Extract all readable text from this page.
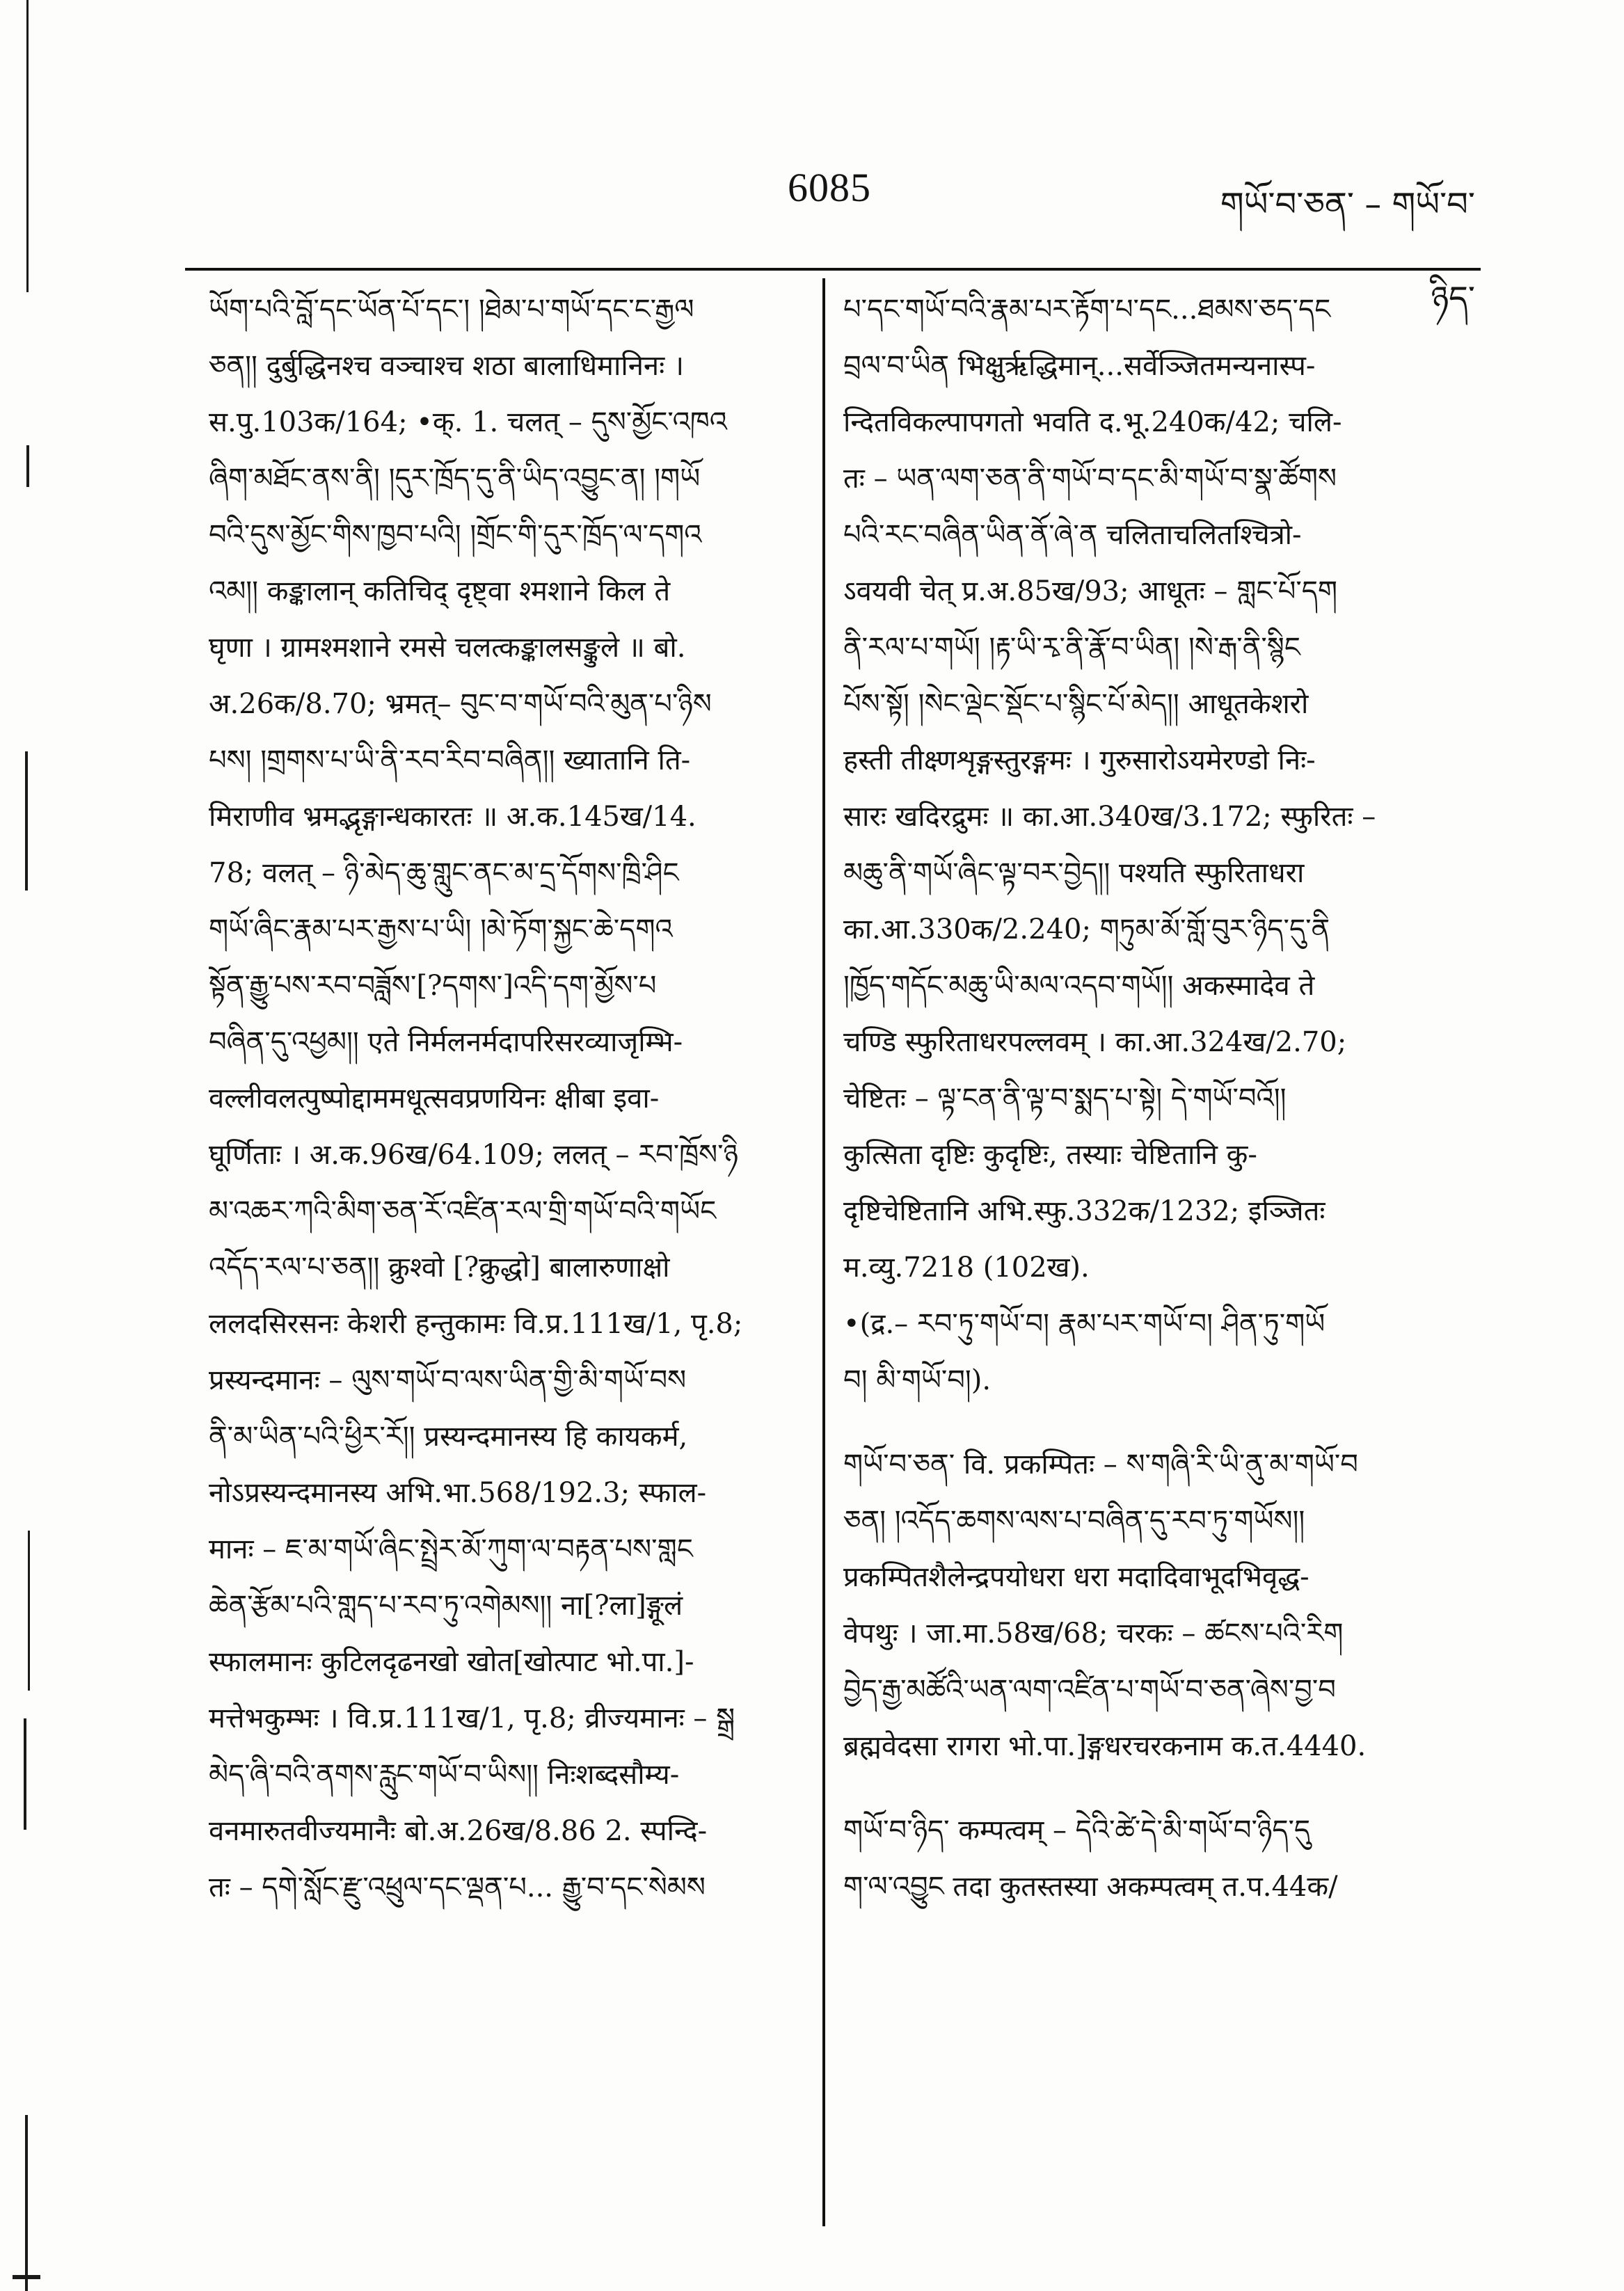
6085	གཡོ་བ་ཅན་ – གཡོ་བ་ཉིད་
ཡོག་པའི་བློ་དང་ཡོན་པོ་དང་། །ཐེམ་པ་གཡོ་དང་ང་རྒྱལ
ཅན།། दुर्बुद्धिनश्च वञ्चाश्च शठा बालाधिमानिनः ।
स.पु.103क/164; •क्. 1. चलत् – དུས་མྱོང་འཁའ
ཞིག་མཐོང་ནས་ནི། །དུར་ཁྲོད་དུ་ནི་ཡིད་འབྱུང་ན། །གཡོ
བའི་དུས་མྱོང་གིས་ཁྱབ་པའི། །གྲོང་གི་དུར་ཁྲོད་ལ་དགའ
འམ།། कङ्कालान् कतिचिद् दृष्ट्वा श्मशाने किल ते
घृणा । ग्रामश्मशाने रमसे चलत्कङ्कालसङ्कुले ॥ बो.
अ.26क/8.70; भ्रमत्– བུང་བ་གཡོ་བའི་མུན་པ་ཉིས
པས། །གྲགས་པ་ཡི་ནི་རབ་རིབ་བཞིན།། ख्यातानि ति-
मिराणीव भ्रमद्भृङ्गान्धकारतः ॥ अ.क.145ख/14.
78; वलत् – ཉི་མེད་ཆུ་གླུང་ནང་མ་དྲ་དོགས་ཁྲི་ཤིང
གཡོ་ཞིང་རྣམ་པར་རྒྱས་པ་ཡི། །མེ་ཏོག་སྐྱང་ཆེ་དགའ
སྟོན་རྒྱུ་པས་རབ་བཟློས་[?དགས་]འདི་དག་མྱོས་པ
བཞིན་དུ་འཕྱམ།། एते निर्मलनर्मदापरिसरव्याजृम्भि-
वल्लीवलत्पुष्पोद्दाममधूत्सवप्रणयिनः क्षीबा इवा-
घूर्णिताः । अ.क.96ख/64.109; ललत् – རབ་ཁྲོས་ཉི
མ་འཆར་ཀའི་མིག་ཅན་རོ་འཛིན་རལ་གྲི་གཡོ་བའི་གཡོང
འདོད་རལ་པ་ཅན།། क्रुश्वो [?क्रुद्धो] बालारुणाक्षो
ललदसिरसनः केशरी हन्तुकामः वि.प्र.111ख/1, पृ.8;
प्रस्यन्दमानः – ལུས་གཡོ་བ་ལས་ཡིན་གྱི་མི་གཡོ་བས
ནི་མ་ཡིན་པའི་ཕྱིར་རོ།། प्रस्यन्दमानस्य हि कायकर्म,
नोऽप्रस्यन्दमानस्य अभि.भा.568/192.3; स्फाल-
मानः – ཇ་མ་གཡོ་ཞིང་སྤྲེར་མོ་ཀུག་ལ་བརྟན་པས་གླང
ཆེན་རྩོམ་པའི་གླད་པ་རབ་ཏུ་འགེམས།། ना[?ला]ङ्गूलं
स्फालमानः कुटिलदृढनखो खोत[खोत्पाट भो.पा.]-
मत्तेभकुम्भः । वि.प्र.111ख/1, पृ.8; व्रीज्यमानः – སྒྲ
མེད་ཞི་བའི་ནགས་རླུང་གཡོ་བ་ཡིས།། निःशब्दसौम्य-
वनमारुतवीज्यमानैः बो.अ.26ख/8.86 2. स्पन्दि-
तः – དགེ་སློང་རྫུ་འཕྲུལ་དང་ལྡན་པ... རྒྱུ་བ་དང་སེམས
པ་དང་གཡོ་བའི་རྣམ་པར་རྟོག་པ་དང...ཐམས་ཅད་དང
བྲལ་བ་ཡིན भिक्षुर्ऋद्धिमान्...सर्वेञ्जितमन्यनास्प-
न्दितविकल्पापगतो भवति द.भू.240क/42; चलि-
तः – ཡན་ལག་ཅན་ནི་གཡོ་བ་དང་མི་གཡོ་བ་སྣ་ཚོགས
པའི་རང་བཞིན་ཡིན་ནོ་ཞེ་ན चलिताचलितश्चित्रो-
ऽवयवी चेत् प्र.अ.85ख/93; आधूतः – གླང་པོ་དག
ནི་རལ་པ་གཡོ། །རྟ་ཡི་རྭ་ནི་རྣོ་བ་ཡིན། །སེ་རྒ་ནི་སྙིང
པོས་སྟོ། །སེང་ལྡེང་སྡོང་པ་སྙིང་པོ་མེད།། आधूतकेशरो
हस्ती तीक्ष्णशृङ्गस्तुरङ्गमः । गुरुसारोऽयमेरण्डो निः-
सारः खदिरद्रुमः ॥ का.आ.340ख/3.172; स्फुरितः –
མཆུ་ནི་གཡོ་ཞིང་ལྟ་བར་བྱེད།། पश्यति स्फुरिताधरा
का.आ.330क/2.240; གཏུམ་མོ་གློ་བུར་ཉིད་དུ་ནི
།ཁྱོད་གདོང་མཆུ་ཡི་མལ་འདབ་གཡོ།། अकस्मादेव ते
चण्डि स्फुरिताधरपल्लवम् । का.आ.324ख/2.70;
चेष्टितः – ལྟ་ངན་ནི་ལྟ་བ་སྨད་པ་སྟེ། དེ་གཡོ་བའོ།།
कुत्सिता दृष्टिः कुदृष्टिः, तस्याः चेष्टितानि कु-
दृष्टिचेष्टितानि अभि.स्फु.332क/1232; इञ्जितः
म.व्यु.7218 (102ख).
•(द्र.– རབ་ཏུ་གཡོ་བ། རྣམ་པར་གཡོ་བ། ཤིན་ཏུ་གཡོ
བ། མི་གཡོ་བ།).
གཡོ་བ་ཅན་ वि. प्रकम्पितः – ས་གཞི་རི་ཡི་ནུ་མ་གཡོ་བ
ཅན། །འདོད་ཆགས་ལས་པ་བཞིན་དུ་རབ་ཏུ་གཡོས།།
प्रकम्पितशैलेन्द्रपयोधरा धरा मदादिवाभूदभिवृद्ध-
वेपथुः । जा.मा.58ख/68; चरकः – ཚངས་པའི་རིག
བྱེད་རྒྱ་མཚོའི་ཡན་ལག་འཛིན་པ་གཡོ་བ་ཅན་ཞེས་བྱ་བ
ब्रह्मवेदसा रागरा भो.पा.]ङ्गधरचरकनाम क.त.4440.
གཡོ་བ་ཉིད་ कम्पत्वम् – དེའི་ཚེ་དེ་མི་གཡོ་བ་ཉིད་དུ
ག་ལ་འབྱུང तदा कुतस्तस्या अकम्पत्वम् त.प.44क/
